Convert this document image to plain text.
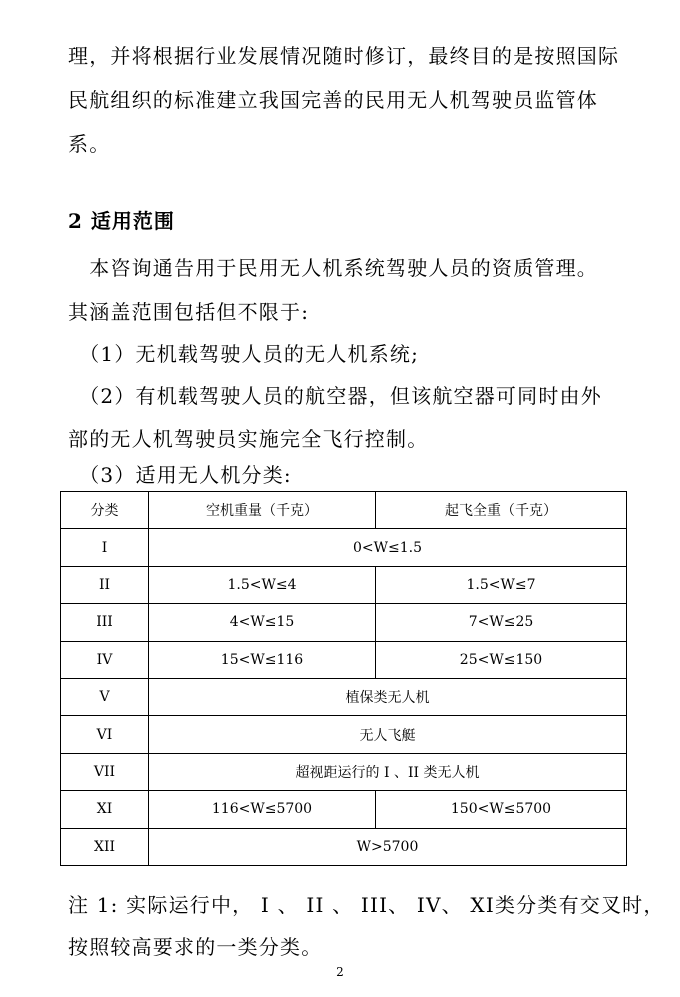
理，并将根据行业发展情况随时修订，最终目的是按照国际

民航组织的标准建立我国完善的民用无人机驾驶员监管体

系。

2 适用范围

　本咨询通告用于民用无人机系统驾驶人员的资质管理。

其涵盖范围包括但不限于:

　（1）无机载驾驶人员的无人机系统;

　（2）有机载驾驶人员的航空器，但该航空器可同时由外

部的无人机驾驶员实施完全飞行控制。

　（3）适用无人机分类:

分类	空机重量（千克）	起飞全重（千克）
I	0<W≤1.5	
II	1.5<W≤4	1.5<W≤7
III	4<W≤15	7<W≤25
IV	15<W≤116	25<W≤150
V	植保类无人机	
VI	无人飞艇	
VII	超视距运行的 I 、II 类无人机	
XI	116<W≤5700	150<W≤5700
XII	W>5700	

注 1: 实际运行中， I 、 II 、 III、 IV、 XI类分类有交叉时，

按照较高要求的一类分类。

2
